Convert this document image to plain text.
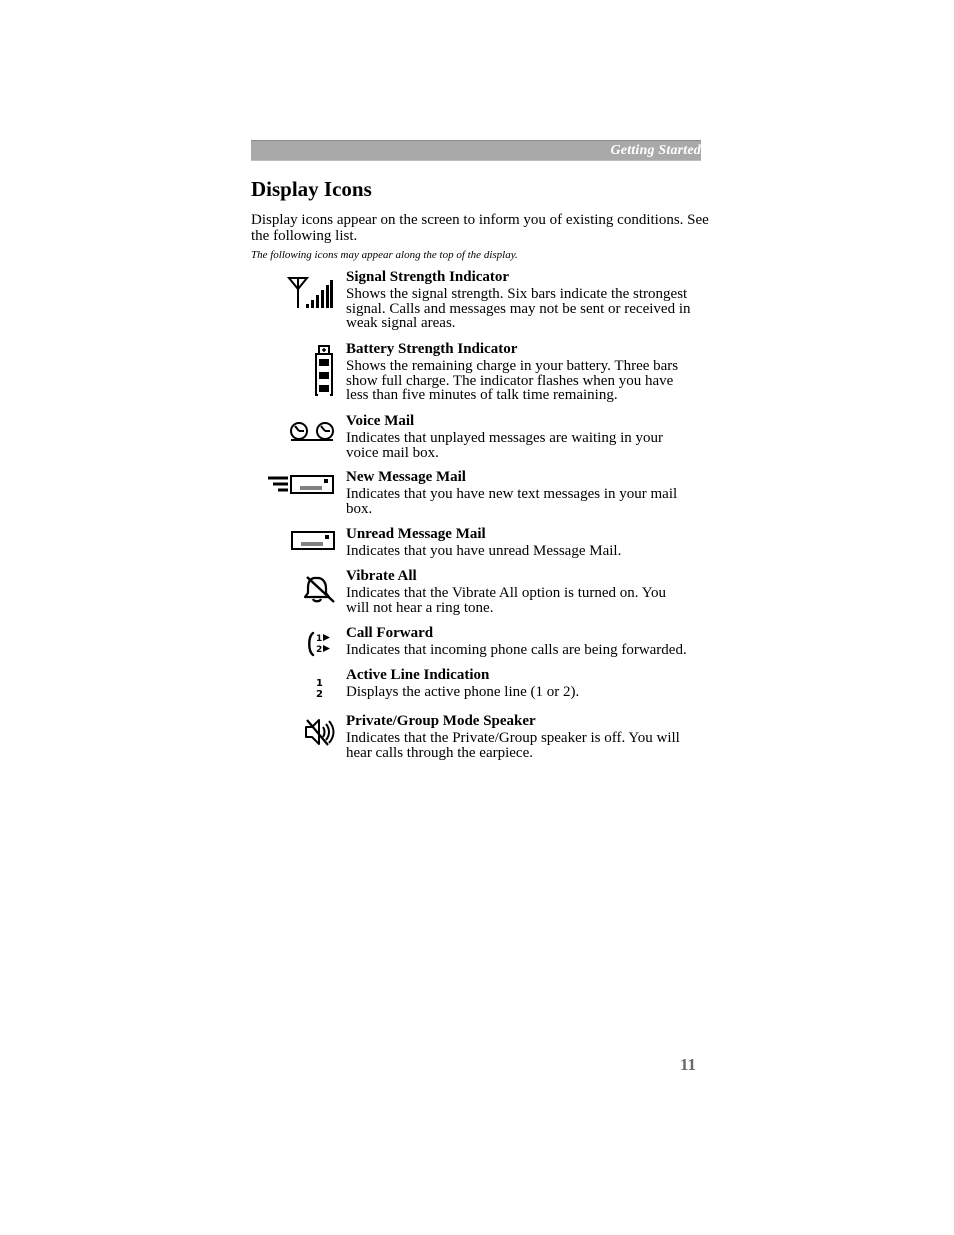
Getting Started
Display Icons

Display icons appear on the screen to inform you of existing conditions. See the following list.

The following icons may appear along the top of the display.

Signal Strength Indicator
Shows the signal strength. Six bars indicate the strongest signal. Calls and messages may not be sent or received in weak signal areas.
Battery Strength Indicator
Shows the remaining charge in your battery. Three bars show full charge. The indicator flashes when you have less than five minutes of talk time remaining.
Voice Mail
Indicates that unplayed messages are waiting in your voice mail box.
New Message Mail
Indicates that you have new text messages in your mail box.
Unread Message Mail
Indicates that you have unread Message Mail.
Vibrate All
Indicates that the Vibrate All option is turned on. You will not hear a ring tone.
1
2
Call Forward
Indicates that incoming phone calls are being forwarded.
1
2
Active Line Indication
Displays the active phone line (1 or 2).
Private/Group Mode Speaker
Indicates that the Private/Group speaker is off. You will hear calls through the earpiece.
11
